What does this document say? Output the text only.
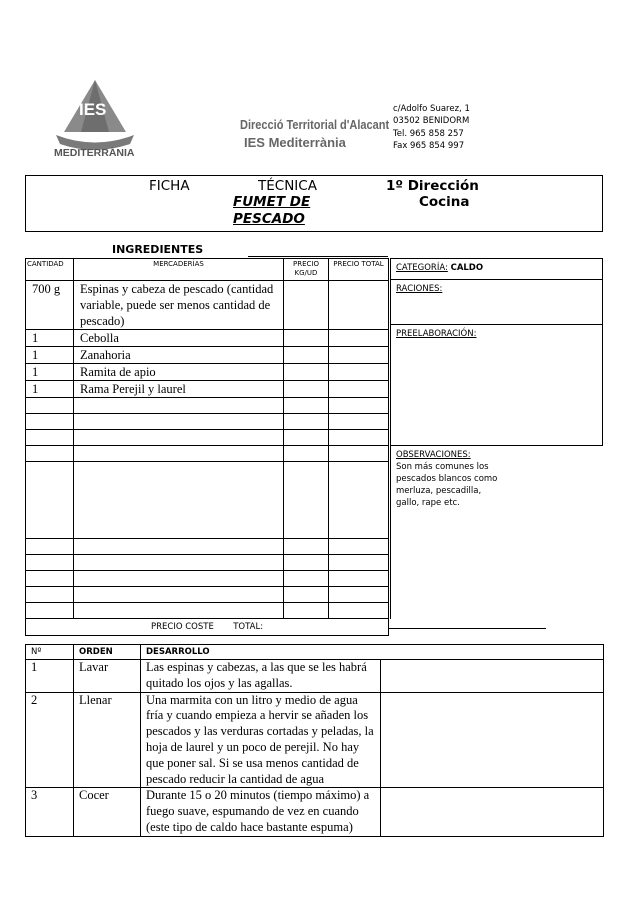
IES
MEDITERRÀNIA
Direcció Territorial d'Alacant
IES Mediterrània
c/Adolfo Suarez, 1
03502 BENIDORM
Tel. 965 858 257
Fax 965 854 997
FICHA	TÉCNICA
FUMET DE
PESCADO
1º Dirección
Cocina
INGREDIENTES
CANTIDAD	MERCADERÍAS	PRECIO KG/UD	PRECIO TOTAL
700 g	Espinas y cabeza de pescado (cantidad variable, puede ser menos cantidad de pescado)		
1	Cebolla		
1	Zanahoria		
1	Ramita de apio		
1	Rama Perejil y laurel		

PRECIO COSTE TOTAL:			
CATEGORÍA: CALDO
RACIONES:
PREELABORACIÓN:

OBSERVACIONES:
Son más comunes los pescados blancos como merluza, pescadilla, gallo, rape etc.
Nº	ORDEN	DESARROLLO	
1	Lavar	Las espinas y cabezas, a las que se les habrá quitado los ojos y las agallas.	
2	Llenar	Una marmita con un litro y medio de agua fría y cuando empieza a hervir se añaden los pescados y las verduras cortadas y peladas, la hoja de laurel y un poco de perejil. No hay que poner sal. Si se usa menos cantidad de pescado reducir la cantidad de agua	
3	Cocer	Durante 15 o 20 minutos (tiempo máximo) a fuego suave, espumando de vez en cuando (este tipo de caldo hace bastante espuma)	
